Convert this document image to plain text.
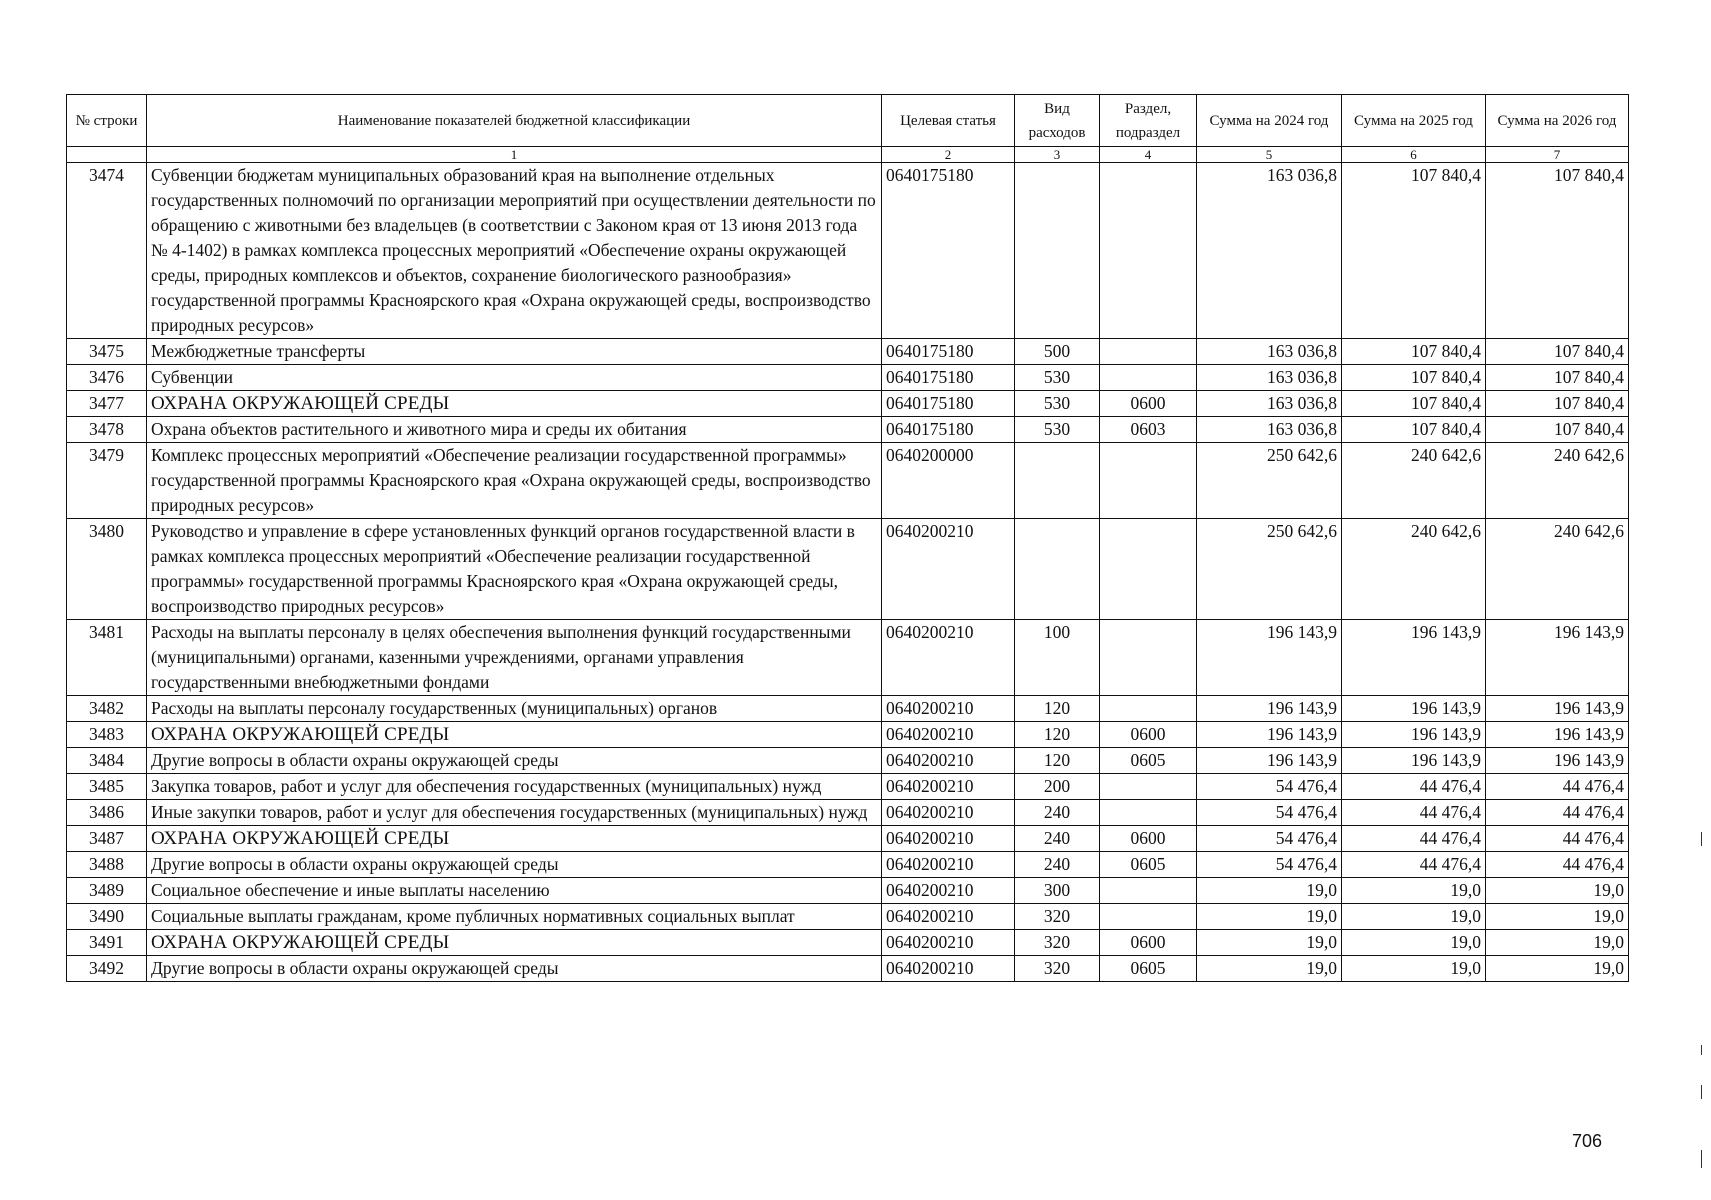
№ строки	Наименование показателей бюджетной классификации	Целевая статья	Вид расходов	Раздел, подраздел	Сумма на 2024 год	Сумма на 2025 год	Сумма на 2026 год
	1	2	3	4	5	6	7
3474	Субвенции бюджетам муниципальных образований края на выполнение отдельных государственных полномочий по организации мероприятий при осуществлении деятельности по обращению с животными без владельцев (в соответствии с Законом края от 13 июня 2013 года № 4-1402) в рамках комплекса процессных мероприятий «Обеспечение охраны окружающей среды, природных комплексов и объектов, сохранение биологического разнообразия» государственной программы Красноярского края «Охрана окружающей среды, воспроизводство природных ресурсов»	0640175180			163 036,8	107 840,4	107 840,4
3475	Межбюджетные трансферты	0640175180	500		163 036,8	107 840,4	107 840,4
3476	Субвенции	0640175180	530		163 036,8	107 840,4	107 840,4
3477	ОХРАНА ОКРУЖАЮЩЕЙ СРЕДЫ	0640175180	530	0600	163 036,8	107 840,4	107 840,4
3478	Охрана объектов растительного и животного мира и среды их обитания	0640175180	530	0603	163 036,8	107 840,4	107 840,4
3479	Комплекс процессных мероприятий «Обеспечение реализации государственной программы» государственной программы Красноярского края «Охрана окружающей среды, воспроизводство природных ресурсов»	0640200000			250 642,6	240 642,6	240 642,6
3480	Руководство и управление в сфере установленных функций органов государственной власти в рамках комплекса процессных мероприятий «Обеспечение реализации государственной программы» государственной программы Красноярского края «Охрана окружающей среды, воспроизводство природных ресурсов»	0640200210			250 642,6	240 642,6	240 642,6
3481	Расходы на выплаты персоналу в целях обеспечения выполнения функций государственными (муниципальными) органами, казенными учреждениями, органами управления государственными внебюджетными фондами	0640200210	100		196 143,9	196 143,9	196 143,9
3482	Расходы на выплаты персоналу государственных (муниципальных) органов	0640200210	120		196 143,9	196 143,9	196 143,9
3483	ОХРАНА ОКРУЖАЮЩЕЙ СРЕДЫ	0640200210	120	0600	196 143,9	196 143,9	196 143,9
3484	Другие вопросы в области охраны окружающей среды	0640200210	120	0605	196 143,9	196 143,9	196 143,9
3485	Закупка товаров, работ и услуг для обеспечения государственных (муниципальных) нужд	0640200210	200		54 476,4	44 476,4	44 476,4
3486	Иные закупки товаров, работ и услуг для обеспечения государственных (муниципальных) нужд	0640200210	240		54 476,4	44 476,4	44 476,4
3487	ОХРАНА ОКРУЖАЮЩЕЙ СРЕДЫ	0640200210	240	0600	54 476,4	44 476,4	44 476,4
3488	Другие вопросы в области охраны окружающей среды	0640200210	240	0605	54 476,4	44 476,4	44 476,4
3489	Социальное обеспечение и иные выплаты населению	0640200210	300		19,0	19,0	19,0
3490	Социальные выплаты гражданам, кроме публичных нормативных социальных выплат	0640200210	320		19,0	19,0	19,0
3491	ОХРАНА ОКРУЖАЮЩЕЙ СРЕДЫ	0640200210	320	0600	19,0	19,0	19,0
3492	Другие вопросы в области охраны окружающей среды	0640200210	320	0605	19,0	19,0	19,0
706
